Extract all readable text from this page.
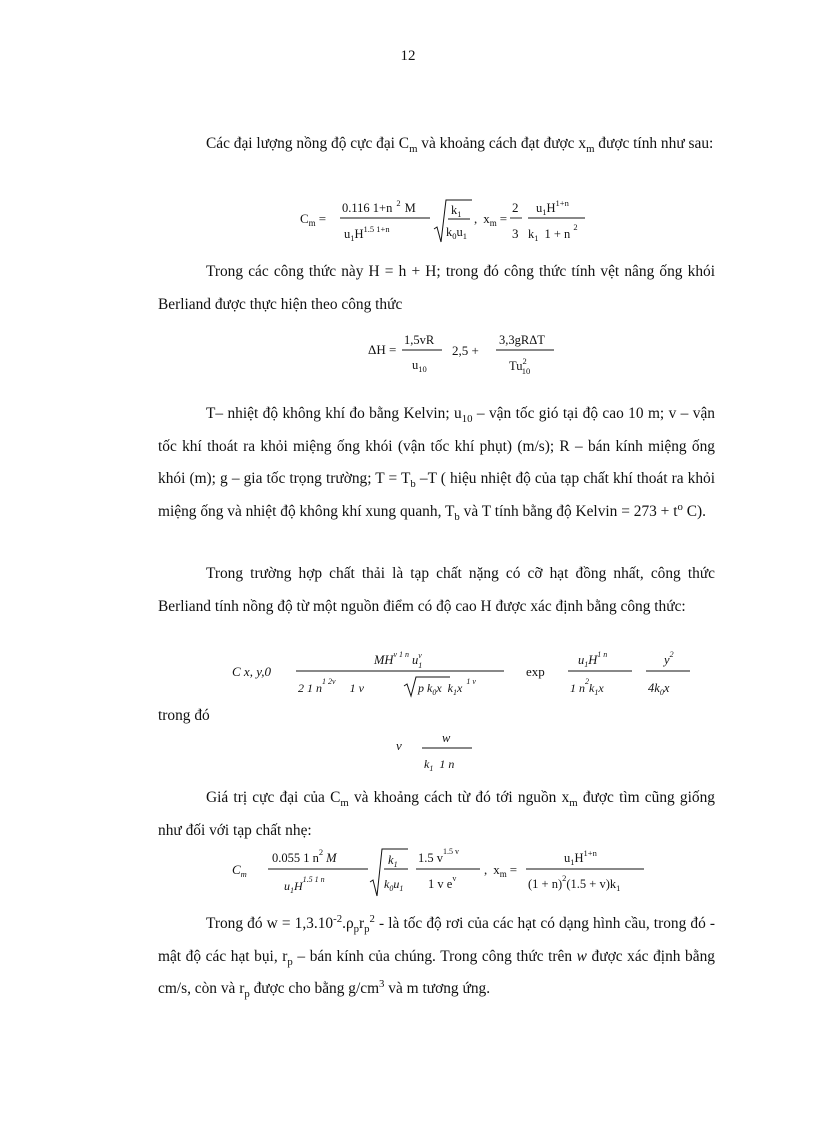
12

Các đại lượng nồng độ cực đại $C_m$ và khoảng cách đạt được $x_m$ được tính như sau:

$C_m$ =
0.116 1+n $^2$ M
$u_1H^{1.5 1+n}$
$k_1$
$k_0u_1$
, $x_m$ =
2
3
$u_1H^{1+n}$
$k_1$ 1 + n $^2$

Trong các công thức này H = h + H; trong đó công thức tính vệt nâng ống khói Berliand được thực hiện theo công thức

ΔH =
1,5vR
$u_{10}$
2,5 +
3,3gRΔT
Tu$^2$ 10

T– nhiệt độ không khí đo bằng Kelvin; $u_{10}$ – vận tốc gió tại độ cao 10 m; v – vận tốc khí thoát ra khỏi miệng ống khói (vận tốc khí phụt) (m/s); R – bán kính miệng ống khói (m); g – gia tốc trọng trường; $T = T_b$ –T ( hiệu nhiệt độ của tạp chất khí thoát ra khỏi miệng ống và nhiệt độ không khí xung quanh, $T_b$ và T tính bằng độ Kelvin = $273 + t^o$ C).

Trong trường hợp chất thải là tạp chất nặng có cỡ hạt đồng nhất, công thức Berliand tính nồng độ từ một nguồn điểm có độ cao H được xác định bằng công thức:

C x, y,0
$MH^{v 1 n}$ $u_1v$
2 1 $n^{1 2v}$ 1 v	p $k_0x$ $k_1x$ $^{1 v}$
exp
$u_1H^{1 n}$
1 $n^2k_1x$
$y^2$
$4k_0x$
trong đó
v	w
$k_1$ 1 n

Giá trị cực đại của $C_m$ và khoảng cách từ đó tới nguồn $x_m$ được tìm cũng giống như đối với tạp chất nhẹ:

$C_m$
0.055 1 $n^2$ M
$u_1H^{1.5 1 n}$
$k_1$
$k_0u_1$
1.5 $v^{1.5 v}$
1 v $e^v$
, $x_m$ =
$u_1H^{1+n}$
$(1 + n)^2(1.5 + v)k_1$

Trong đó $w = 1,3.10^{-2}.\rho_pr_p^2$ - là tốc độ rơi của các hạt có dạng hình cầu, trong đó - mật độ các hạt bụi, $r_p$ – bán kính của chúng. Trong công thức trên w được xác định bằng cm/s, còn và $r_p$ được cho bằng $g/cm^3$ và m tương ứng.
